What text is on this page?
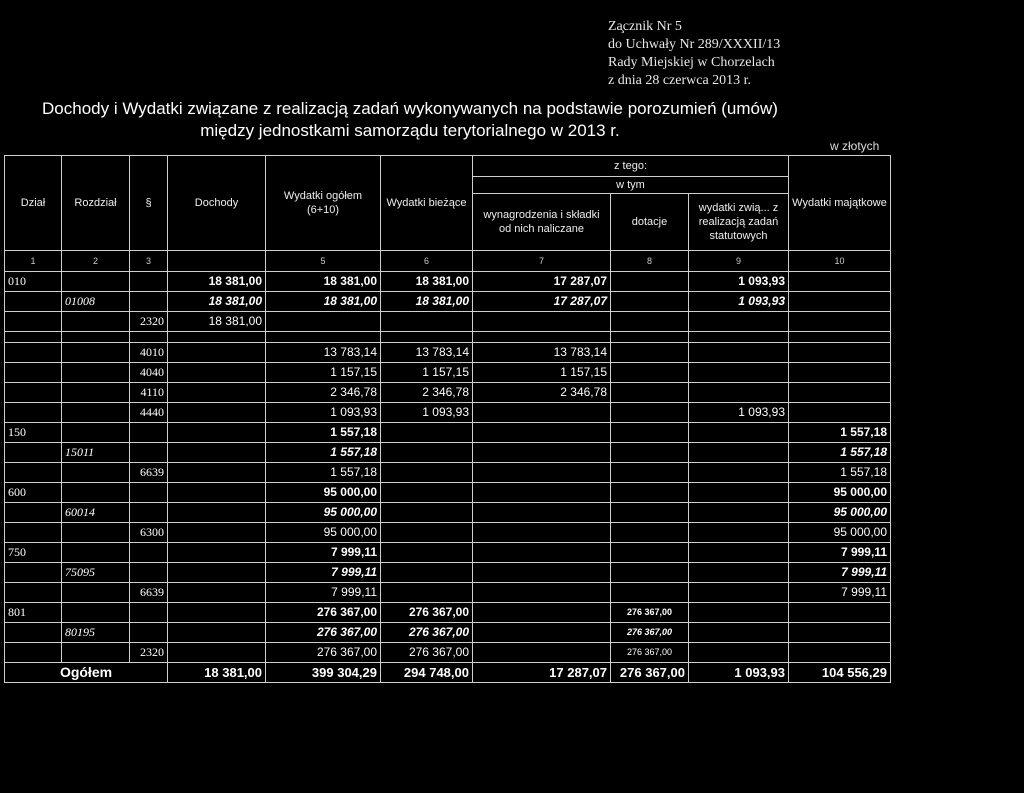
Za̧cznik Nr 5
do Uchwały Nr 289/XXXII/13
Rady Miejskiej w Chorzelach
z dnia 28 czerwca 2013 r.
Dochody i Wydatki związane z realizacją zadań wykonywanych na podstawie porozumień (umów)
między jednostkami samorządu terytorialnego w 2013 r.
w złotych
Dział	Rozdział	§	Dochody	Wydatki ogółem (6+10)	Wydatki bieżące	z tego:			Wydatki majątkowe
						w tym			
						wynagrodzenia i składki od nich naliczane	dotacje	wydatki zwią... z realizacją zadań statutowych	
1	2	3		5	6	7	8	9	10
010			18 381,00	18 381,00	18 381,00	17 287,07		1 093,93	
	01008		18 381,00	18 381,00	18 381,00	17 287,07		1 093,93	
		2320	18 381,00						

		4010		13 783,14	13 783,14	13 783,14			
		4040		1 157,15	1 157,15	1 157,15			
		4110		2 346,78	2 346,78	2 346,78			
		4440		1 093,93	1 093,93			1 093,93	
150				1 557,18					1 557,18
	15011			1 557,18					1 557,18
		6639		1 557,18					1 557,18
600				95 000,00					95 000,00
	60014			95 000,00					95 000,00
		6300		95 000,00					95 000,00
750				7 999,11					7 999,11
	75095			7 999,11					7 999,11
		6639		7 999,11					7 999,11
801				276 367,00	276 367,00		276 367,00		
	80195			276 367,00	276 367,00		276 367,00		
		2320		276 367,00	276 367,00		276 367,00		
Ogółem			18 381,00	399 304,29	294 748,00	17 287,07	276 367,00	1 093,93	104 556,29
